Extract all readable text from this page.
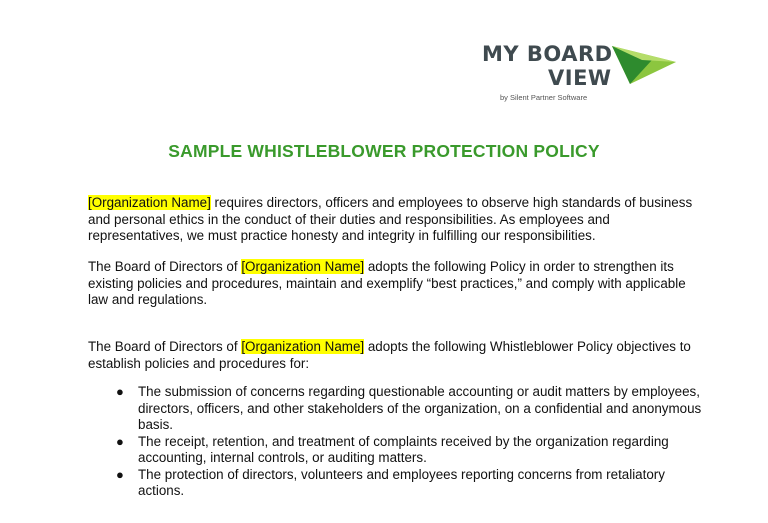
MY BOARD
VIEW
by Silent Partner Software
SAMPLE WHISTLEBLOWER PROTECTION POLICY
[Organization Name] requires directors, officers and employees to observe high standards of business and personal ethics in the conduct of their duties and responsibilities. As employees and representatives, we must practice honesty and integrity in fulfilling our responsibilities.
The Board of Directors of [Organization Name] adopts the following Policy in order to strengthen its existing policies and procedures, maintain and exemplify “best practices,” and comply with applicable law and regulations.
The Board of Directors of [Organization Name] adopts the following Whistleblower Policy objectives to establish policies and procedures for:
● The submission of concerns regarding questionable accounting or audit matters by employees, directors, officers, and other stakeholders of the organization, on a confidential and anonymous basis.
● The receipt, retention, and treatment of complaints received by the organization regarding accounting, internal controls, or auditing matters.
● The protection of directors, volunteers and employees reporting concerns from retaliatory actions.
